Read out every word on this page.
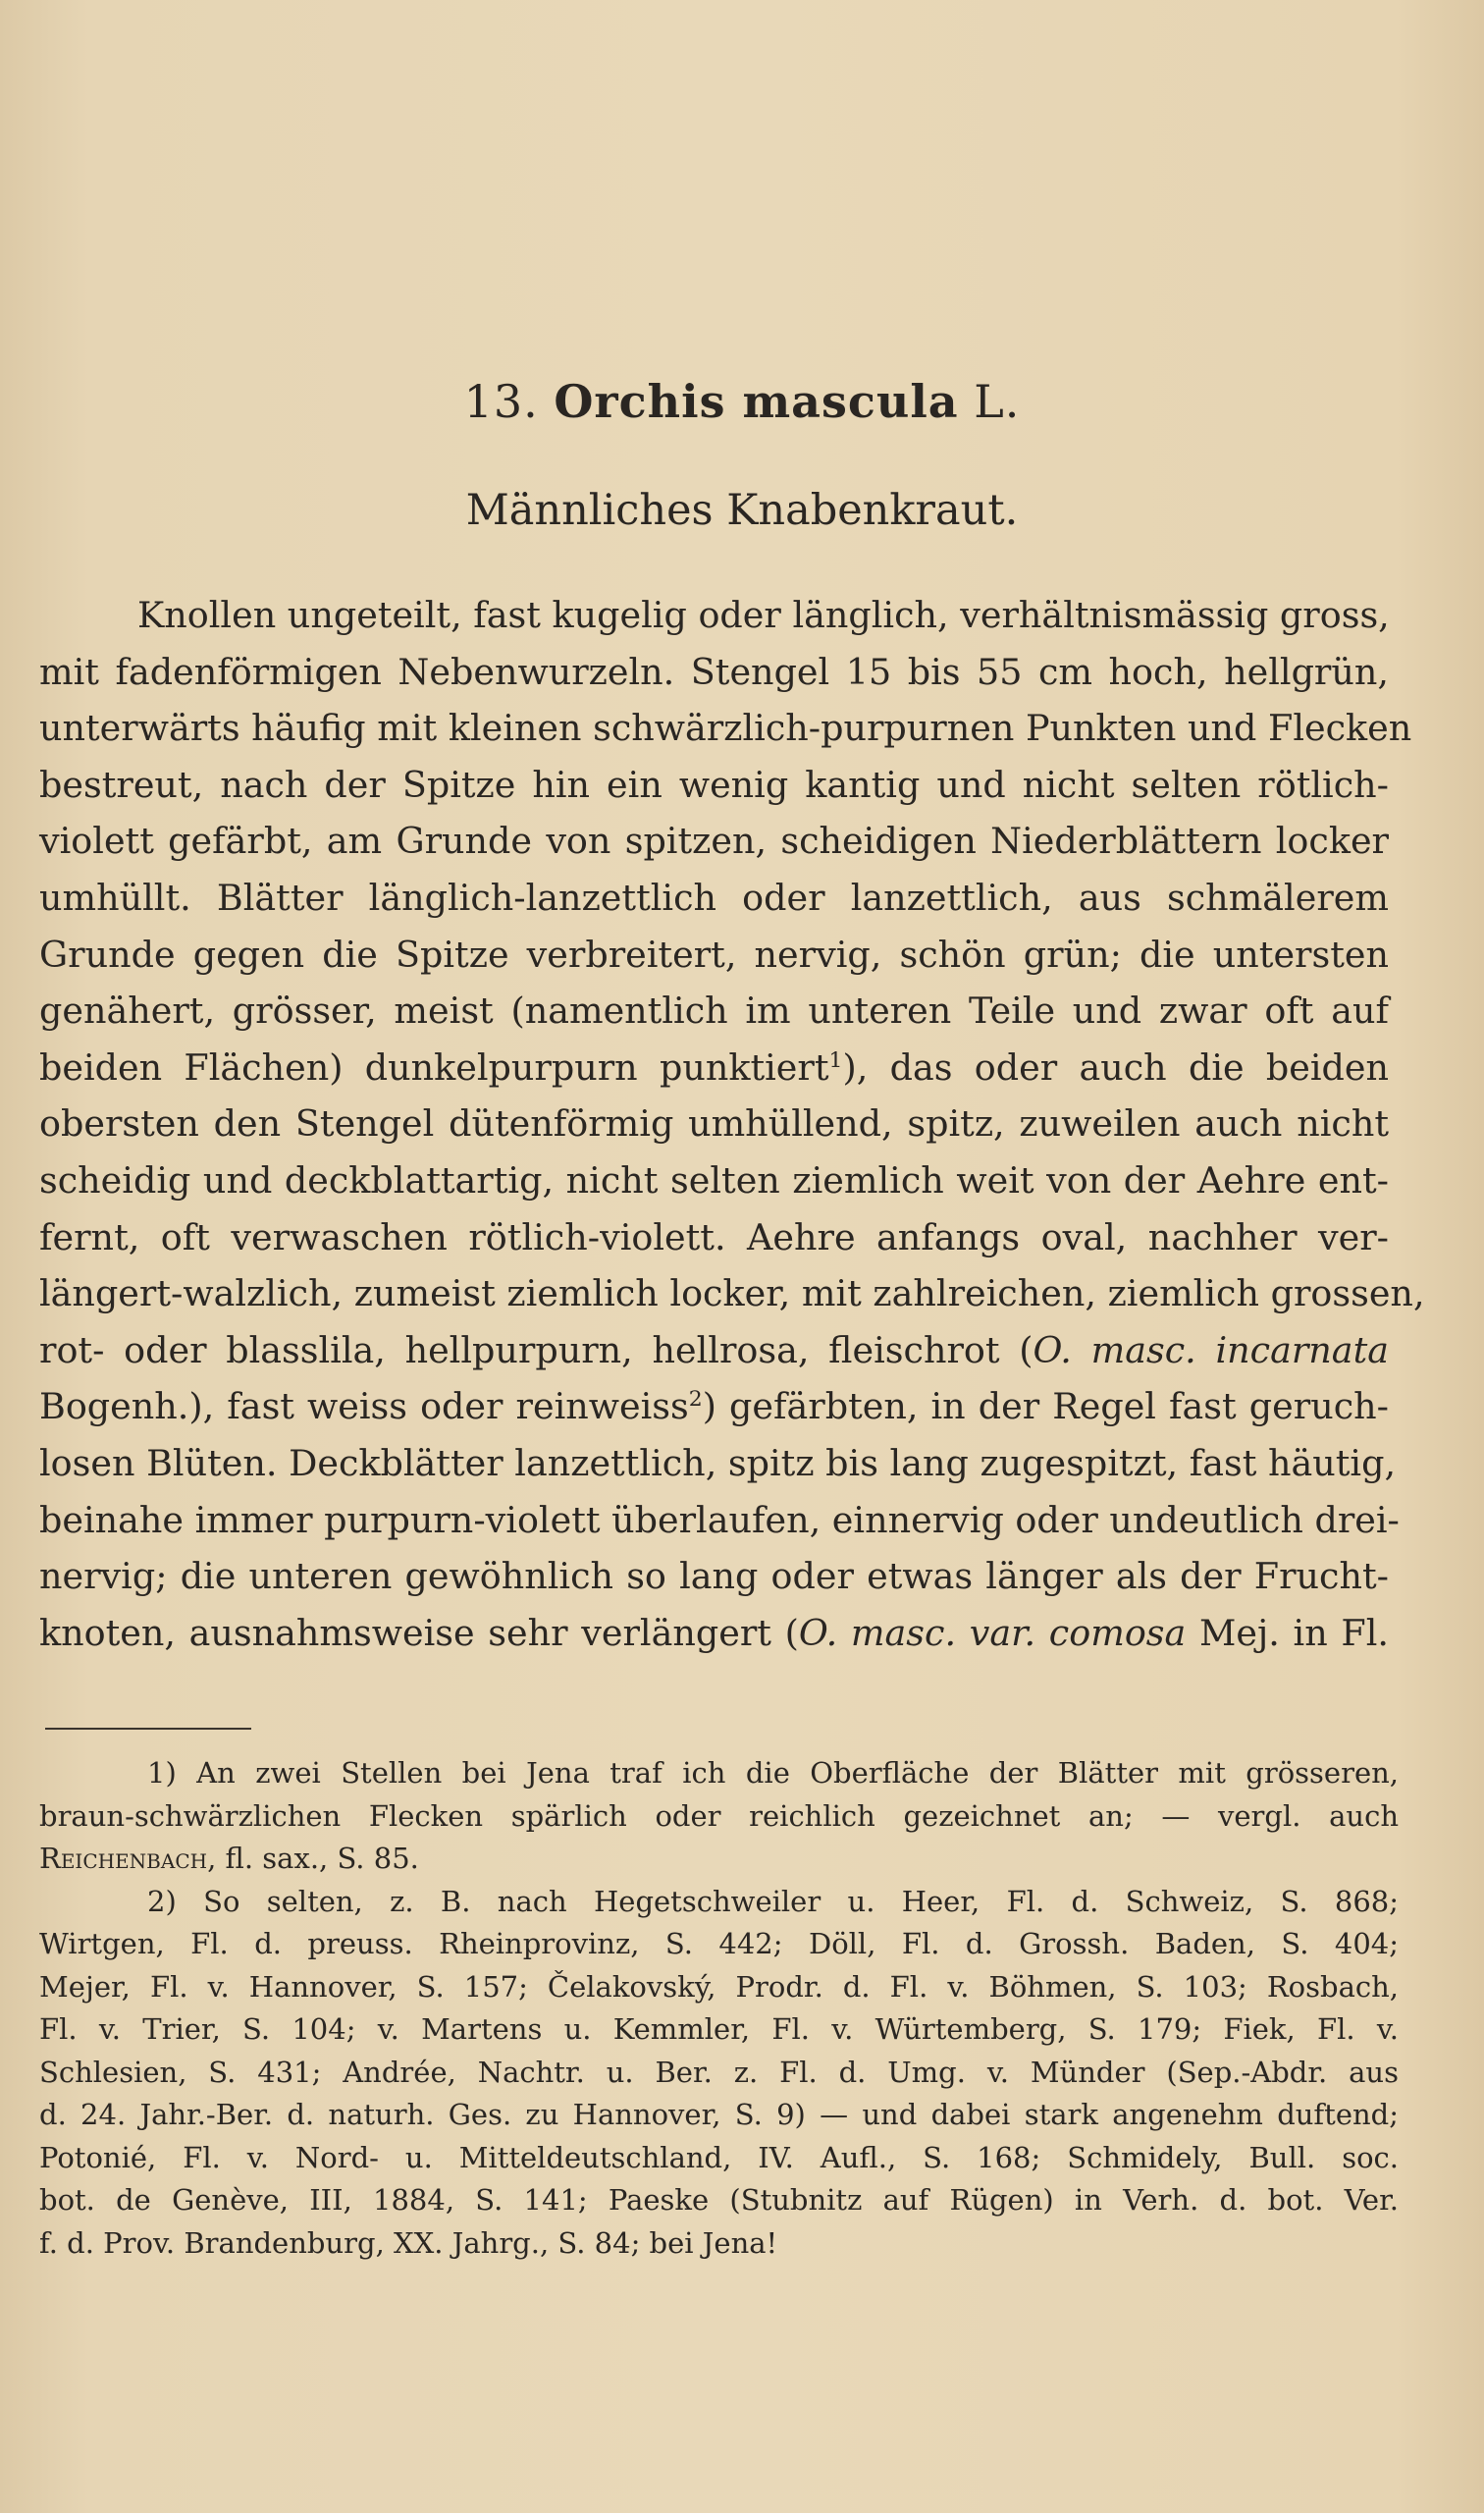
13. Orchis mascula L.
Männliches Knabenkraut.
Knollen ungeteilt, fast kugelig oder länglich, verhältnismässig gross,
mit fadenförmigen Nebenwurzeln. Stengel 15 bis 55 cm hoch, hellgrün,
unterwärts häufig mit kleinen schwärzlich-purpurnen Punkten und Flecken
bestreut, nach der Spitze hin ein wenig kantig und nicht selten rötlich-
violett gefärbt, am Grunde von spitzen, scheidigen Niederblättern locker
umhüllt. Blätter länglich-lanzettlich oder lanzettlich, aus schmälerem
Grunde gegen die Spitze verbreitert, nervig, schön grün; die untersten
genähert, grösser, meist (namentlich im unteren Teile und zwar oft auf
beiden Flächen) dunkelpurpurn punktiert$^1$), das oder auch die beiden
obersten den Stengel dütenförmig umhüllend, spitz, zuweilen auch nicht
scheidig und deckblattartig, nicht selten ziemlich weit von der Aehre ent-
fernt, oft verwaschen rötlich-violett. Aehre anfangs oval, nachher ver-
längert-walzlich, zumeist ziemlich locker, mit zahlreichen, ziemlich grossen,
rot- oder blasslila, hellpurpurn, hellrosa, fleischrot (O. masc. incarnata
Bogenh.), fast weiss oder reinweiss$^2$) gefärbten, in der Regel fast geruch-
losen Blüten. Deckblätter lanzettlich, spitz bis lang zugespitzt, fast häutig,
beinahe immer purpurn-violett überlaufen, einnervig oder undeutlich drei-
nervig; die unteren gewöhnlich so lang oder etwas länger als der Frucht-
knoten, ausnahmsweise sehr verlängert (O. masc. var. comosa Mej. in Fl.
1) An zwei Stellen bei Jena traf ich die Oberfläche der Blätter mit grösseren,
braun-schwärzlichen Flecken spärlich oder reichlich gezeichnet an; — vergl. auch
Reichenbach, fl. sax., S. 85.
2) So selten, z. B. nach Hegetschweiler u. Heer, Fl. d. Schweiz, S. 868;
Wirtgen, Fl. d. preuss. Rheinprovinz, S. 442; Döll, Fl. d. Grossh. Baden, S. 404;
Mejer, Fl. v. Hannover, S. 157; Čelakovský, Prodr. d. Fl. v. Böhmen, S. 103; Rosbach,
Fl. v. Trier, S. 104; v. Martens u. Kemmler, Fl. v. Würtemberg, S. 179; Fiek, Fl. v.
Schlesien, S. 431; Andrée, Nachtr. u. Ber. z. Fl. d. Umg. v. Münder (Sep.-Abdr. aus
d. 24. Jahr.-Ber. d. naturh. Ges. zu Hannover, S. 9) — und dabei stark angenehm duftend;
Potonié, Fl. v. Nord- u. Mitteldeutschland, IV. Aufl., S. 168; Schmidely, Bull. soc.
bot. de Genève, III, 1884, S. 141; Paeske (Stubnitz auf Rügen) in Verh. d. bot. Ver.
f. d. Prov. Brandenburg, XX. Jahrg., S. 84; bei Jena!
